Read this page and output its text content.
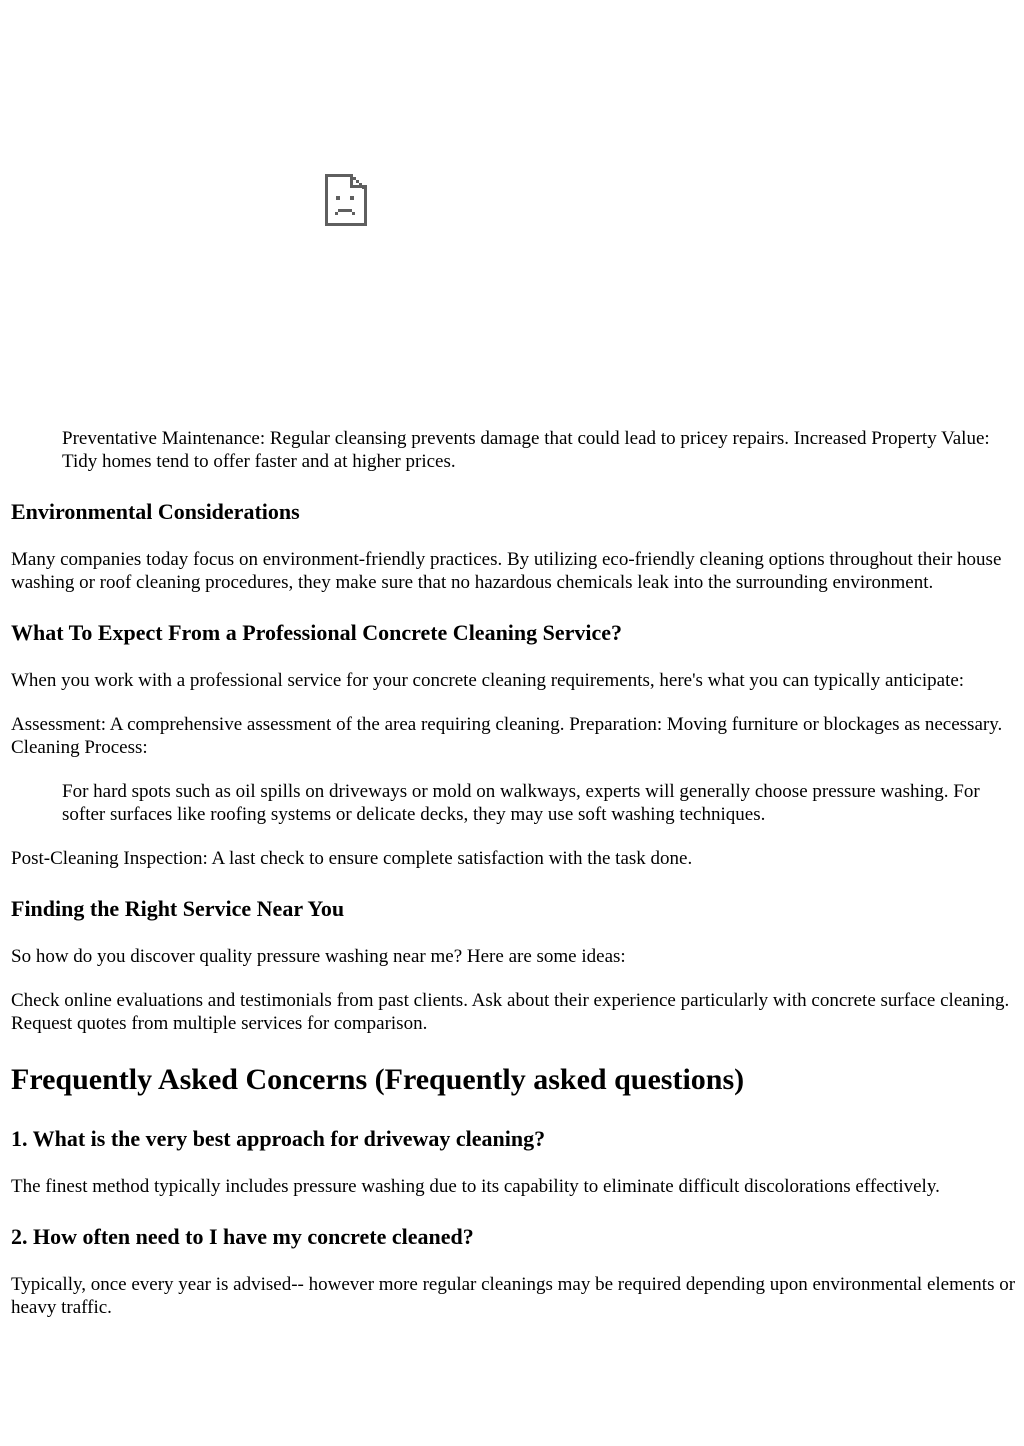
Preventative Maintenance: Regular cleansing prevents damage that could lead to pricey repairs. Increased Property Value: Tidy homes tend to offer faster and at higher prices.
Environmental Considerations

Many companies today focus on environment-friendly practices. By utilizing eco-friendly cleaning options throughout their house washing or roof cleaning procedures, they make sure that no hazardous chemicals leak into the surrounding environment.

What To Expect From a Professional Concrete Cleaning Service?

When you work with a professional service for your concrete cleaning requirements, here's what you can typically anticipate:

Assessment: A comprehensive assessment of the area requiring cleaning. Preparation: Moving furniture or blockages as necessary. Cleaning Process:

For hard spots such as oil spills on driveways or mold on walkways, experts will generally choose pressure washing. For softer surfaces like roofing systems or delicate decks, they may use soft washing techniques.

Post-Cleaning Inspection: A last check to ensure complete satisfaction with the task done.

Finding the Right Service Near You

So how do you discover quality pressure washing near me? Here are some ideas:

Check online evaluations and testimonials from past clients. Ask about their experience particularly with concrete surface cleaning. Request quotes from multiple services for comparison.

Frequently Asked Concerns (Frequently asked questions)
1. What is the very best approach for driveway cleaning?

The finest method typically includes pressure washing due to its capability to eliminate difficult discolorations effectively.

2. How often need to I have my concrete cleaned?

Typically, once every year is advised-- however more regular cleanings may be required depending upon environmental elements or heavy traffic.
